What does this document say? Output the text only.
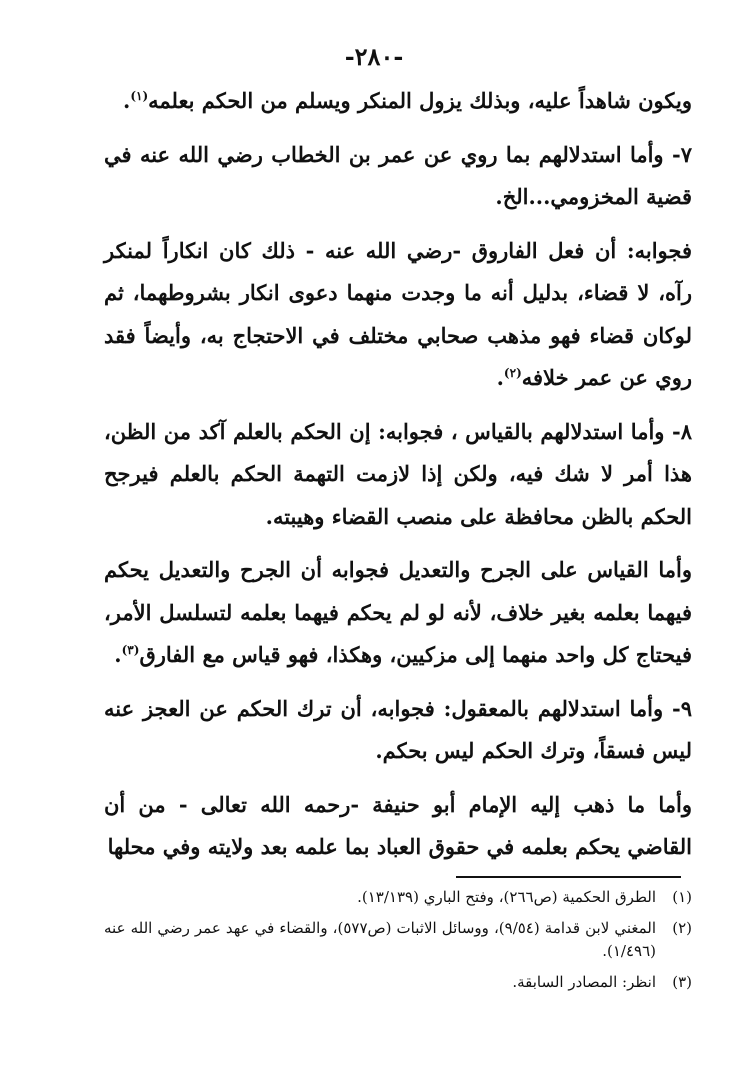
-٢٨٠-

ويكون شاهداً عليه، وبذلك يزول المنكر ويسلم من الحكم بعلمه$^{(١)}$.

٧- وأما استدلالهم بما روي عن عمر بن الخطاب رضي الله عنه في قضية المخزومي...الخ.

فجوابه: أن فعل الفاروق -رضي الله عنه - ذلك كان انكاراً لمنكر رآه، لا قضاء، بدليل أنه ما وجدت منهما دعوى انكار بشروطهما، ثم لوكان قضاء فهو مذهب صحابي مختلف في الاحتجاج به، وأيضاً فقد روي عن عمر خلافه$^{(٢)}$.

٨- وأما استدلالهم بالقياس ، فجوابه: إن الحكم بالعلم آكد من الظن، هذا أمر لا شك فيه، ولكن إذا لازمت التهمة الحكم بالعلم فيرجح الحكم بالظن محافظة على منصب القضاء وهيبته.

وأما القياس على الجرح والتعديل فجوابه أن الجرح والتعديل يحكم فيهما بعلمه بغير خلاف، لأنه لو لم يحكم فيهما بعلمه لتسلسل الأمر، فيحتاج كل واحد منهما إلى مزكيين، وهكذا، فهو قياس مع الفارق$^{(٣)}$.

٩- وأما استدلالهم بالمعقول: فجوابه، أن ترك الحكم عن العجز عنه ليس فسقاً، وترك الحكم ليس بحكم.

وأما ما ذهب إليه الإمام أبو حنيفة -رحمه الله تعالى - من أن القاضي يحكم بعلمه في حقوق العباد بما علمه بعد ولايته وفي محلها

(١)
الطرق الحكمية (ص٢٦٦)، وفتح الباري (١٣/١٣٩).
(٢)
المغني لابن قدامة (٩/٥٤)، ووسائل الاثبات (ص٥٧٧)، والقضاء في عهد عمر رضي الله عنه (١/٤٩٦).
(٣)
انظر: المصادر السابقة.
